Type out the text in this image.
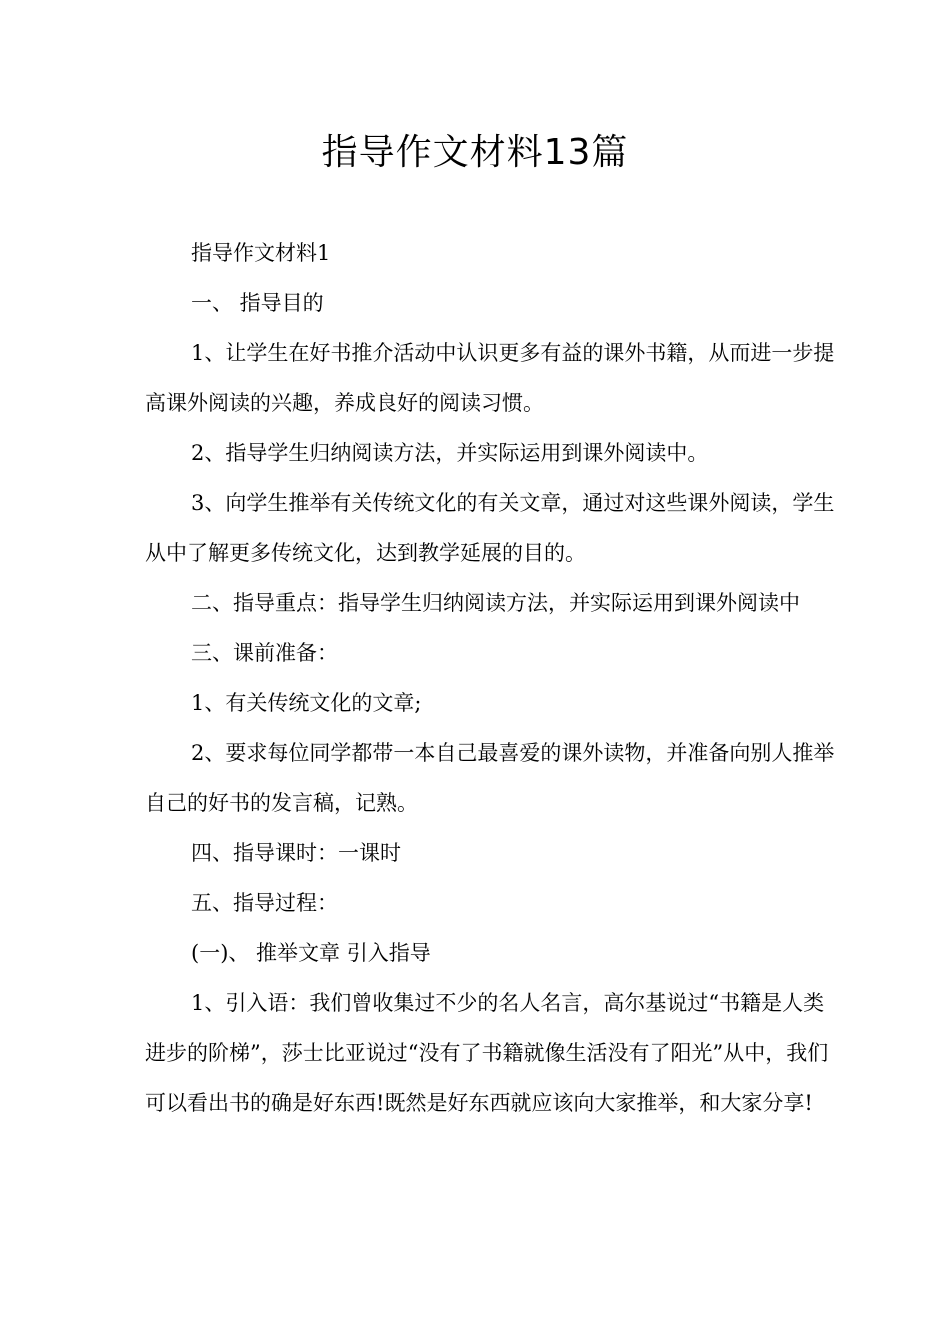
指导作文材料13篇

指导作文材料1

一、 指导目的

1、让学生在好书推介活动中认识更多有益的课外书籍，从而进一步提高课外阅读的兴趣，养成良好的阅读习惯。

2、指导学生归纳阅读方法，并实际运用到课外阅读中。

3、向学生推举有关传统文化的有关文章，通过对这些课外阅读，学生从中了解更多传统文化，达到教学延展的目的。

二、指导重点：指导学生归纳阅读方法，并实际运用到课外阅读中

三、课前准备：

1、有关传统文化的文章;

2、要求每位同学都带一本自己最喜爱的课外读物，并准备向别人推举自己的好书的发言稿，记熟。

四、指导课时：一课时

五、指导过程：

(一)、 推举文章 引入指导

1、引入语：我们曾收集过不少的名人名言，高尔基说过“书籍是人类进步的阶梯”，莎士比亚说过“没有了书籍就像生活没有了阳光”从中，我们可以看出书的确是好东西!既然是好东西就应该向大家推举，和大家分享!
